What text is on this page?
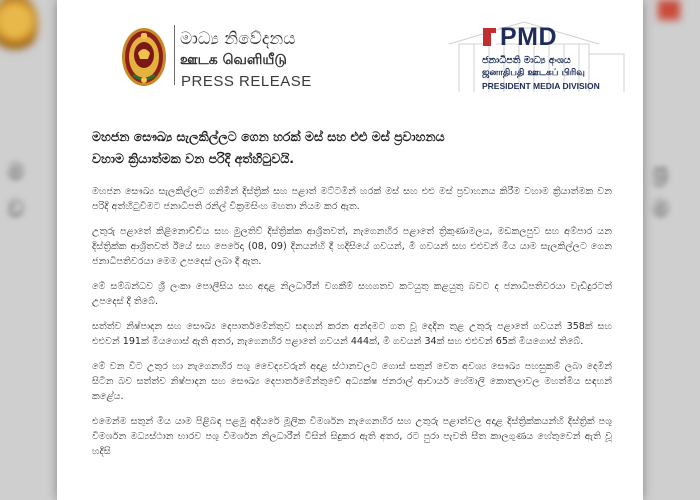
ම
ව
ප්‍ර
ම
මාධ්‍ය නිවේදනය
ஊடக வெளியீடு
PRESS RELEASE
PMD
ජනාධිපති මාධ්‍ය අංශය
ஜனாதிபதி ஊடகப் பிரிவு
PRESIDENT MEDIA DIVISION
මහජන සෞඛ්‍ය සැලකිල්ලට ගෙන හරක් මස් සහ එළු මස් ප්‍රවාහනය
වහාම ක්‍රියාත්මක වන පරිදි අත්හිටුවයි.

මහජන සෞඛ්‍ය සැලකිල්ලට ගනිමින් දිස්ත්‍රික් සහ පළාත් මට්ටමින් හරක් මස් සහ එළු මස් ප්‍රවාහනය කිරීම වහාම ක්‍රියාත්මක වන පරිදි අත්හිටුවීමට ජනාධිපති රනිල් වික්‍රමසිංහ මහතා නියම කර ඇත.

උතුරු පළාතේ කිළිනොච්චිය සහ මුලතිව් දිස්ත්‍රික්ක ආශ්‍රිතවත්, නැගෙනහිර පළාතේ ත්‍රිකුණාමලය, මඩකලපුව සහ අම්පාර යන දිස්ත්‍රික්ක ආශ්‍රිතවත් ඊයේ සහ පෙරේදා (08, 09) දිනයන්හි දී හදිසියේ ගවයන්, මී ගවයන් සහ එළුවන් මිය යාම සැලකිල්ලට ගෙන ජනාධිපතිවරයා මෙම උපදෙස් ලබා දී ඇත.

මේ සම්බන්ධව ශ්‍රී ලංකා පොලීසිය සහ අදාළ නිලධාරීන් වගකීම් සහගතව කටයුතු කළයුතු බවට ද ජනාධිපතිවරයා වැඩිදුරටත් උපදෙස් දී තිබේ.

සත්ත්ව නිෂ්පාදන සහ සෞඛ්‍ය දෙපාර්තමේන්තුව සඳහන් කරන අන්දමට ගත වූ දෙදින තුළ උතුරු පළාතේ ගවයන් 358ක් සහ එළුවන් 191ක් මියගොස් ඇති අතර, නැගෙනහිර පළාතේ ගවයන් 444ක්, මී ගවයන් 34ක් සහ එළුවන් 65ක් මියගොස් තිබේ.

මේ වන විට උතුර හා නැගෙනහිර පශු වෛද්‍යවරුන් අදාළ ස්ථානවලට ගොස් සතුන් වෙත අවශ්‍ය සෞඛ්‍ය පහසුකම් ලබා දෙමින් සිටින බව සත්ත්ව නිෂ්පාදන සහ සෞඛ්‍ය දෙපාර්තමේන්තුවේ අධ්‍යක්ෂ ජනරාල් ආචාර්ය හේමාලි කොතලාවල මහත්මිය සඳහන් කළේය.

එමෙන්ම සතුන් මිය යාම පිළිබඳ පළමු අදියරේ මූලික විමර්ශන නැගෙනහිර සහ උතුරු පළාත්වල අදාළ දිස්ත්‍රික්කයන්හි දිස්ත්‍රික් පශු විමර්ශන මධ්‍යස්ථාන භාරව පශු විමර්ශන නිලධාරීන් විසින් සිදුකර ඇති අතර, රට පුරා පැවති සීත කාලගුණය හේතුවෙන් ඇති වූ හදිසි
